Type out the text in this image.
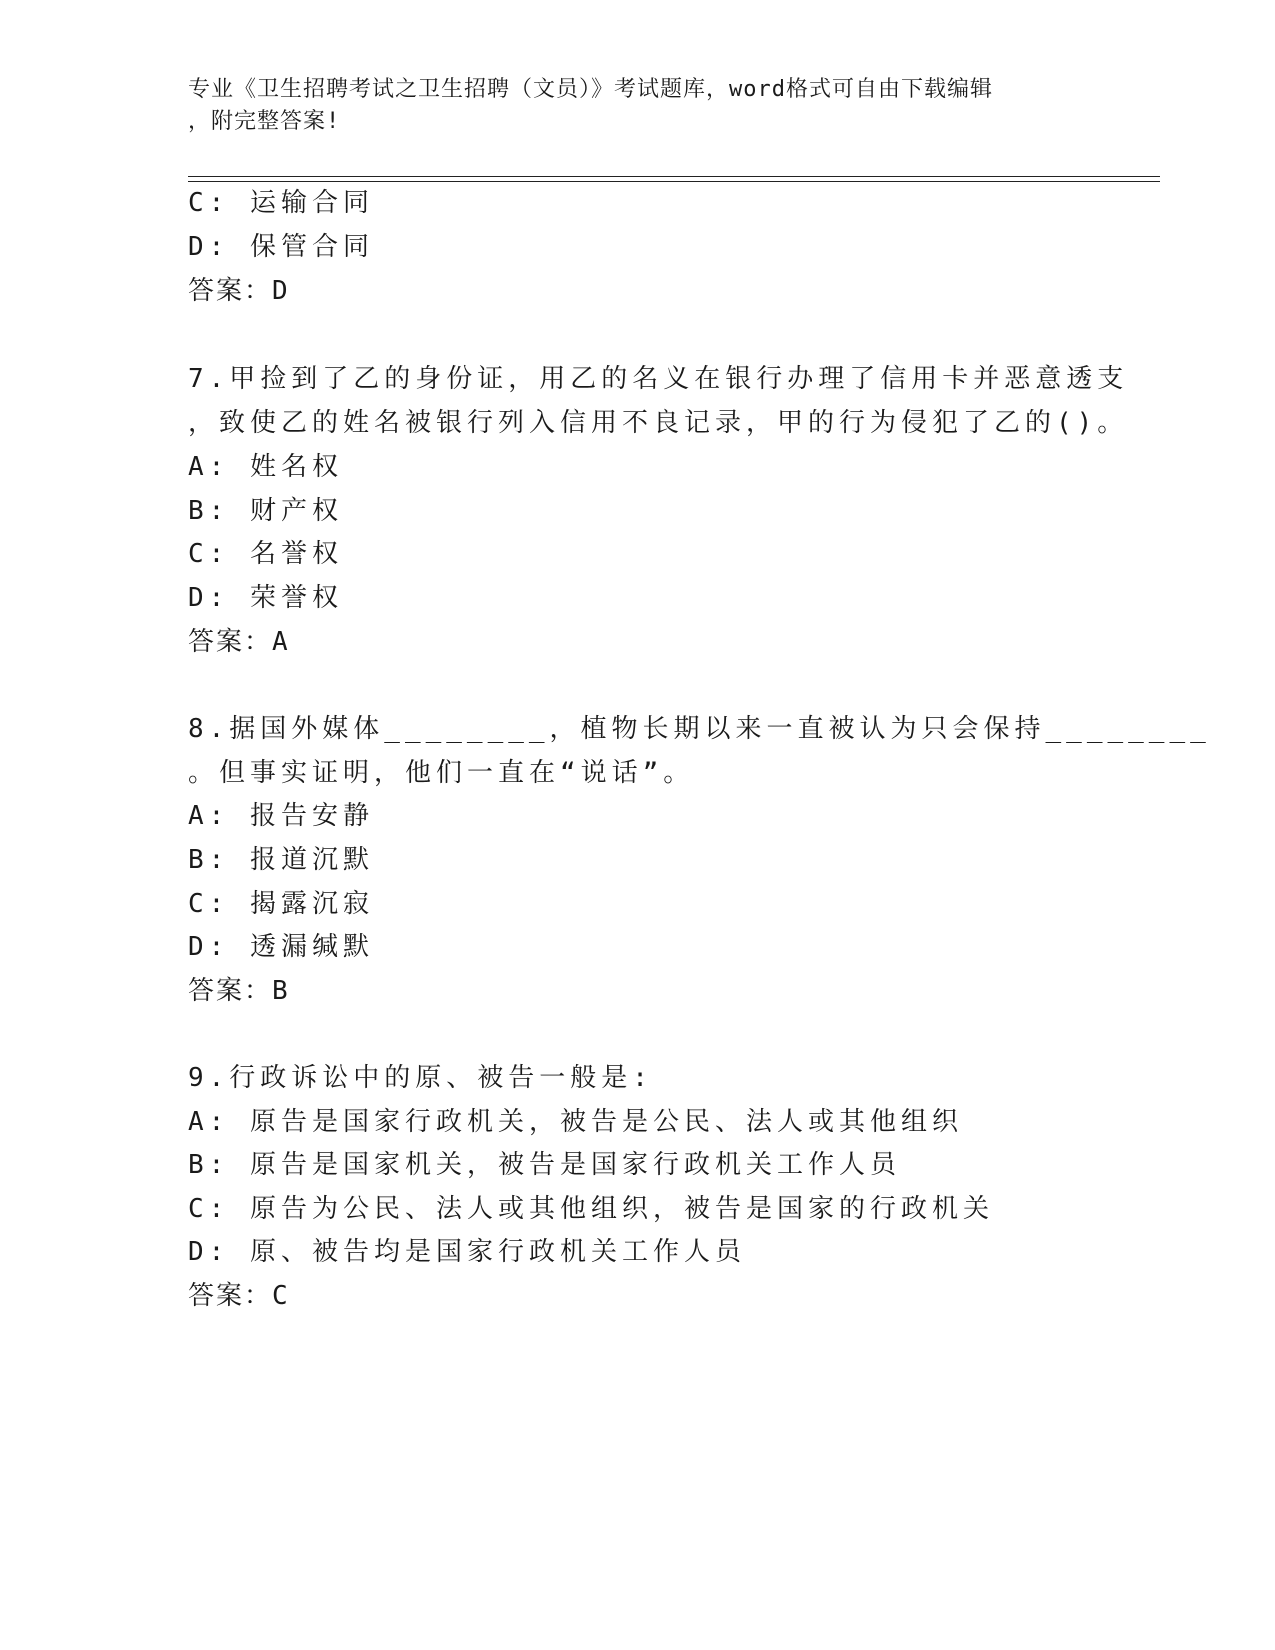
专业《卫生招聘考试之卫生招聘（文员）》考试题库，word格式可自由下载编辑
，附完整答案!
C: 运输合同
D: 保管合同
答案：D
7.甲捡到了乙的身份证，用乙的名义在银行办理了信用卡并恶意透支
，致使乙的姓名被银行列入信用不良记录，甲的行为侵犯了乙的()。
A: 姓名权
B: 财产权
C: 名誉权
D: 荣誉权
答案：A
8.据国外媒体________，植物长期以来一直被认为只会保持________
。但事实证明，他们一直在“说话”。
A: 报告安静
B: 报道沉默
C: 揭露沉寂
D: 透漏缄默
答案：B
9.行政诉讼中的原、被告一般是:
A: 原告是国家行政机关，被告是公民、法人或其他组织
B: 原告是国家机关，被告是国家行政机关工作人员
C: 原告为公民、法人或其他组织，被告是国家的行政机关
D: 原、被告均是国家行政机关工作人员
答案：C
